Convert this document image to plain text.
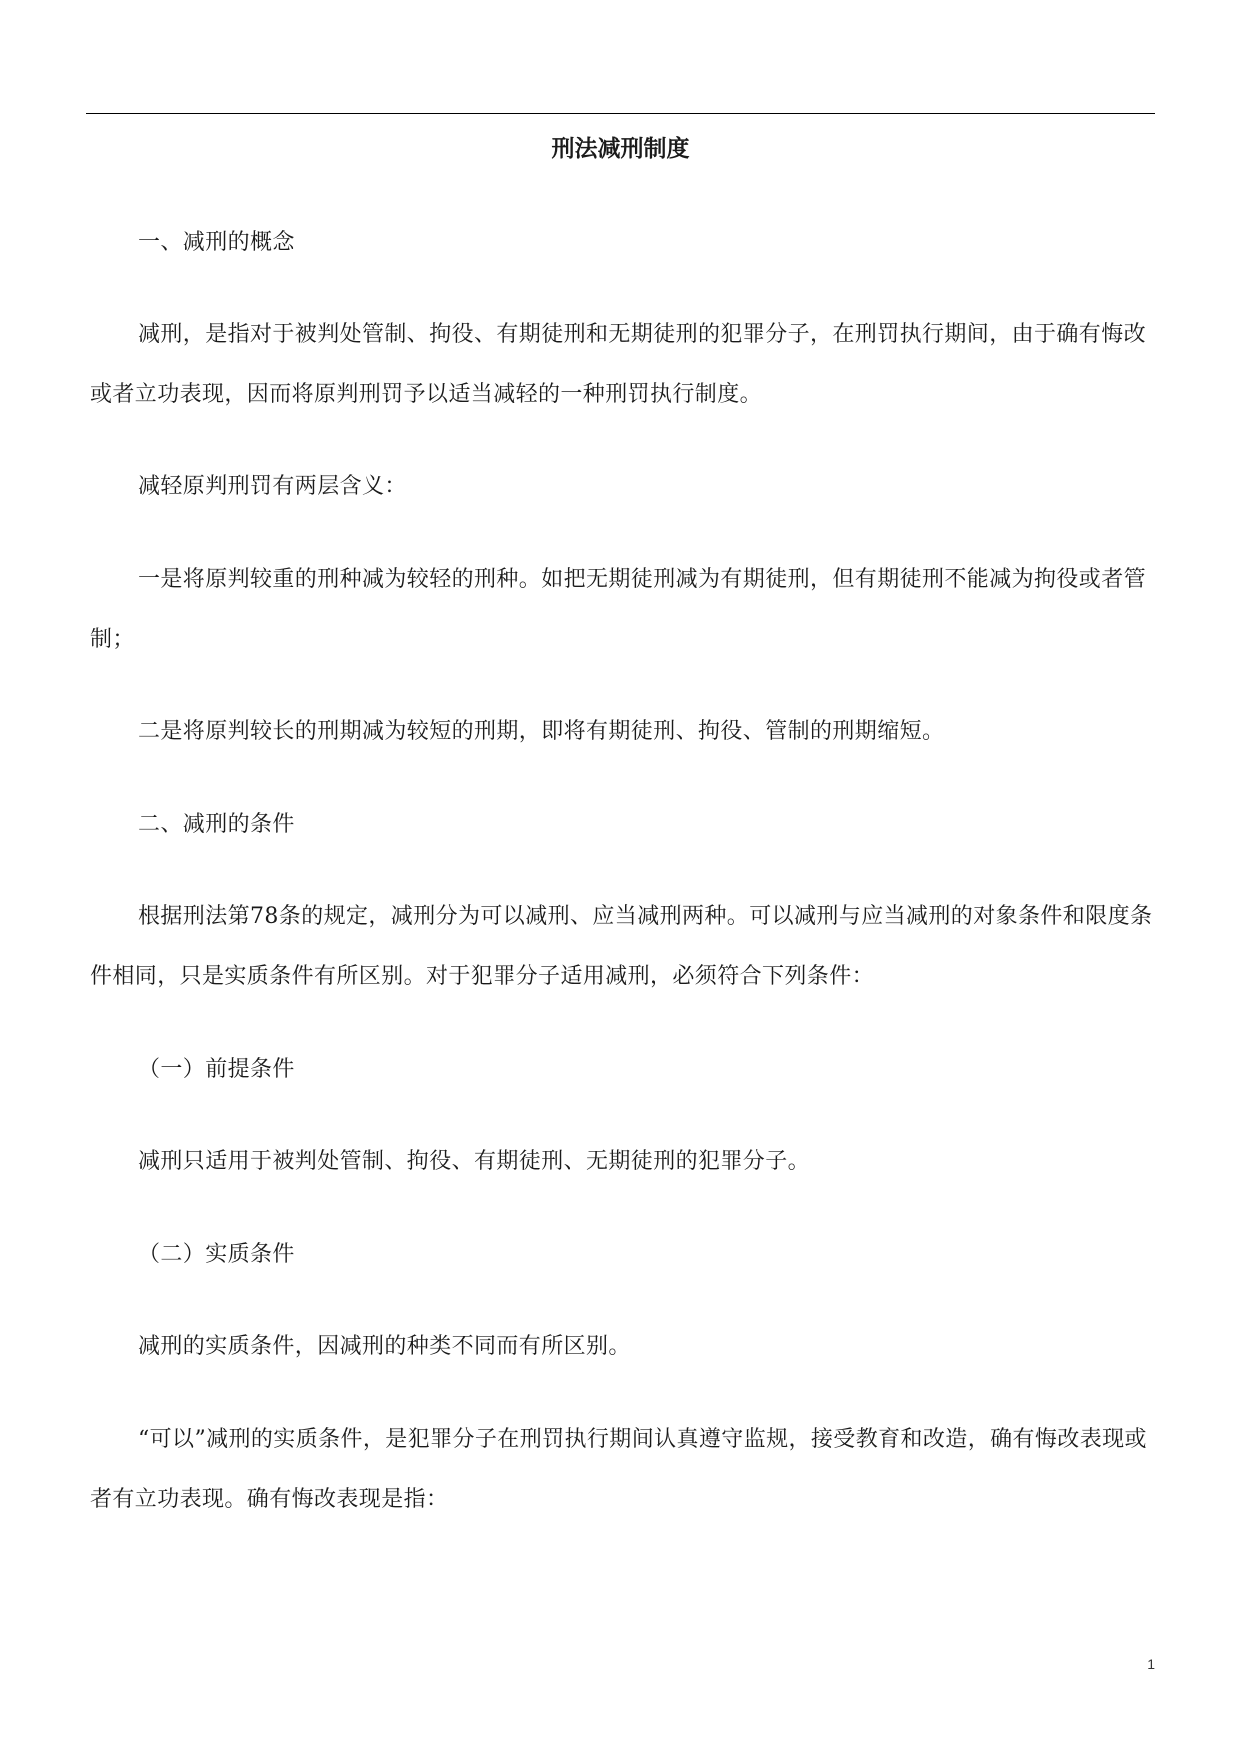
刑法减刑制度

一、减刑的概念

减刑，是指对于被判处管制、拘役、有期徒刑和无期徒刑的犯罪分子，在刑罚执行期间，由于确有悔改或者立功表现，因而将原判刑罚予以适当减轻的一种刑罚执行制度。

减轻原判刑罚有两层含义：

一是将原判较重的刑种减为较轻的刑种。如把无期徒刑减为有期徒刑，但有期徒刑不能减为拘役或者管制；

二是将原判较长的刑期减为较短的刑期，即将有期徒刑、拘役、管制的刑期缩短。

二、减刑的条件

根据刑法第78条的规定，减刑分为可以减刑、应当减刑两种。可以减刑与应当减刑的对象条件和限度条件相同，只是实质条件有所区别。对于犯罪分子适用减刑，必须符合下列条件：

（一）前提条件

减刑只适用于被判处管制、拘役、有期徒刑、无期徒刑的犯罪分子。

（二）实质条件

减刑的实质条件，因减刑的种类不同而有所区别。

“可以”减刑的实质条件，是犯罪分子在刑罚执行期间认真遵守监规，接受教育和改造，确有悔改表现或者有立功表现。确有悔改表现是指：

1
